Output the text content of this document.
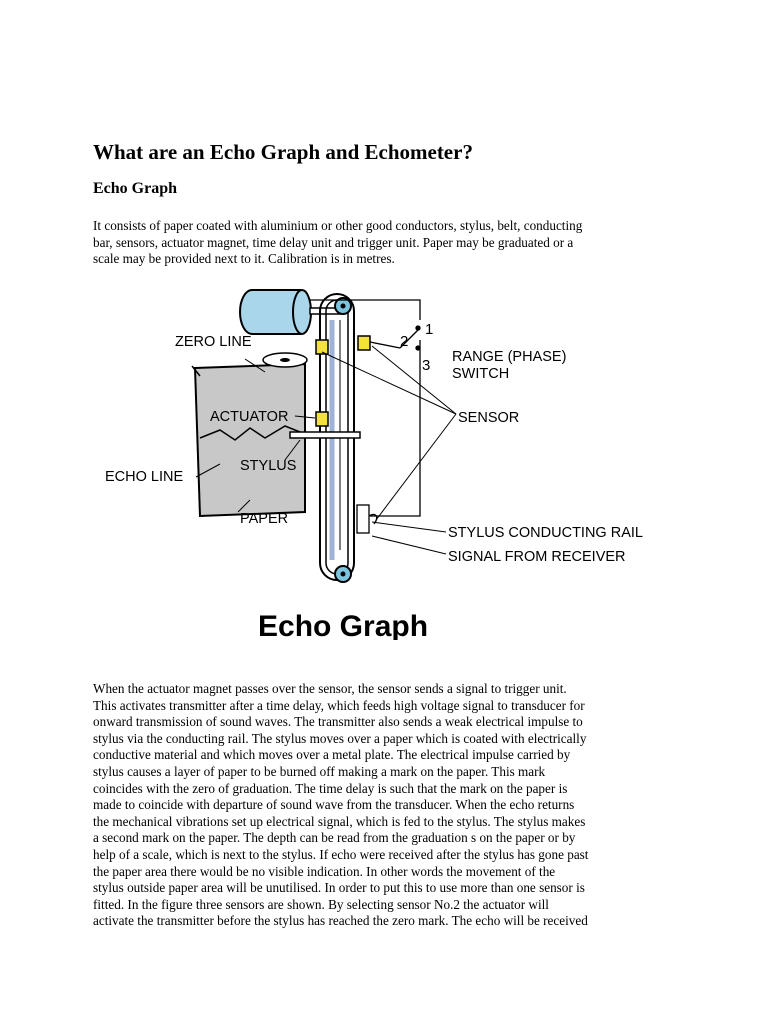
What are an Echo Graph and Echometer?
Echo Graph
It consists of paper coated with aluminium or other good conductors, stylus, belt, conducting
bar, sensors, actuator magnet, time delay unit and trigger unit. Paper may be graduated or a
scale may be provided next to it. Calibration is in metres.
ZERO LINE
ACTUATOR
ECHO LINE
STYLUS
PAPER
RANGE (PHASE)
SWITCH
SENSOR
STYLUS CONDUCTING RAIL
SIGNAL FROM RECEIVER
1
2
3
Echo Graph
When the actuator magnet passes over the sensor, the sensor sends a signal to trigger unit.
This activates transmitter after a time delay, which feeds high voltage signal to transducer for
onward transmission of sound waves. The transmitter also sends a weak electrical impulse to
stylus via the conducting rail. The stylus moves over a paper which is coated with electrically
conductive material and which moves over a metal plate. The electrical impulse carried by
stylus causes a layer of paper to be burned off making a mark on the paper. This mark
coincides with the zero of graduation. The time delay is such that the mark on the paper is
made to coincide with departure of sound wave from the transducer. When the echo returns
the mechanical vibrations set up electrical signal, which is fed to the stylus. The stylus makes
a second mark on the paper. The depth can be read from the graduation s on the paper or by
help of a scale, which is next to the stylus. If echo were received after the stylus has gone past
the paper area there would be no visible indication. In other words the movement of the
stylus outside paper area will be unutilised. In order to put this to use more than one sensor is
fitted. In the figure three sensors are shown. By selecting sensor No.2 the actuator will
activate the transmitter before the stylus has reached the zero mark. The echo will be received
